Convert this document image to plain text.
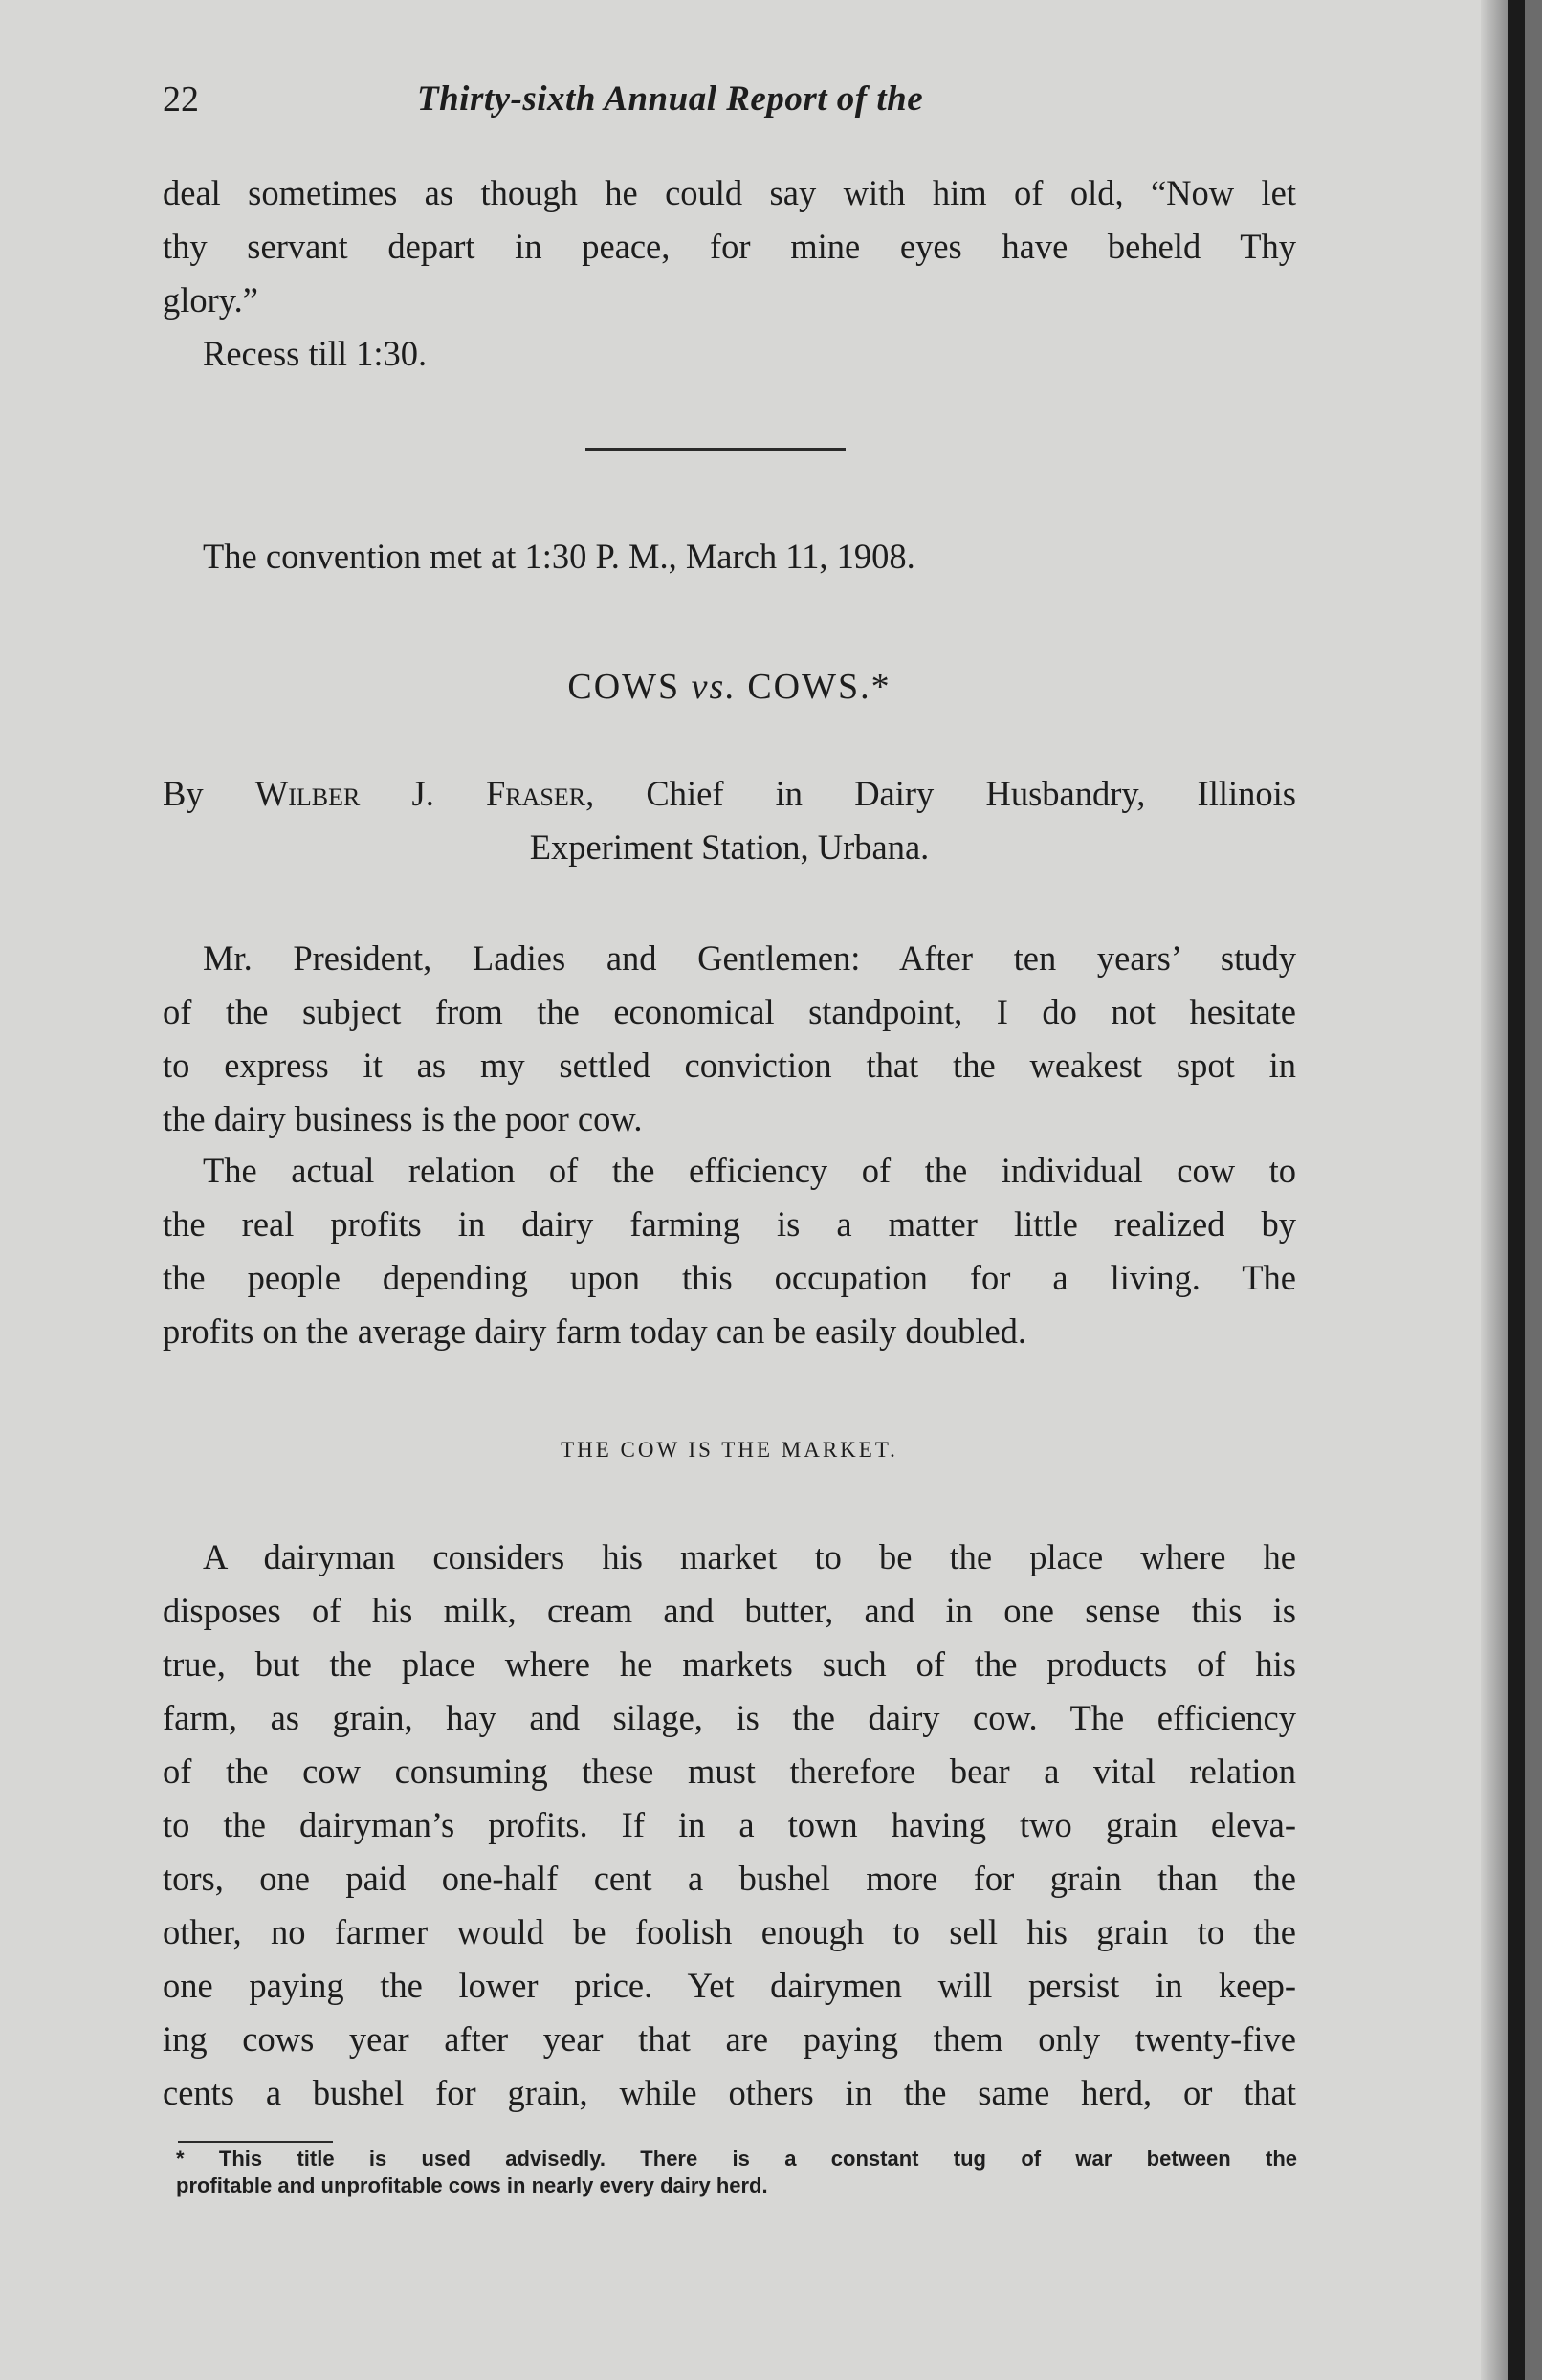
22	Thirty-sixth Annual Report of the
deal sometimes as though he could say with him of old, “Now let
thy servant depart in peace, for mine eyes have beheld Thy
glory.”
Recess till 1:30.
The convention met at 1:30 P. M., March 11, 1908.
COWS vs. COWS.*
By Wilber J. Fraser, Chief in Dairy Husbandry, Illinois
Experiment Station, Urbana.
Mr. President, Ladies and Gentlemen: After ten years’ study
of the subject from the economical standpoint, I do not hesitate
to express it as my settled conviction that the weakest spot in
the dairy business is the poor cow.
The actual relation of the efficiency of the individual cow to
the real profits in dairy farming is a matter little realized by
the people depending upon this occupation for a living. The
profits on the average dairy farm today can be easily doubled.
THE COW IS THE MARKET.
A dairyman considers his market to be the place where he
disposes of his milk, cream and butter, and in one sense this is
true, but the place where he markets such of the products of his
farm, as grain, hay and silage, is the dairy cow. The efficiency
of the cow consuming these must therefore bear a vital relation
to the dairyman’s profits. If in a town having two grain eleva-
tors, one paid one-half cent a bushel more for grain than the
other, no farmer would be foolish enough to sell his grain to the
one paying the lower price. Yet dairymen will persist in keep-
ing cows year after year that are paying them only twenty-five
cents a bushel for grain, while others in the same herd, or that
* This title is used advisedly. There is a constant tug of war between the
profitable and unprofitable cows in nearly every dairy herd.
